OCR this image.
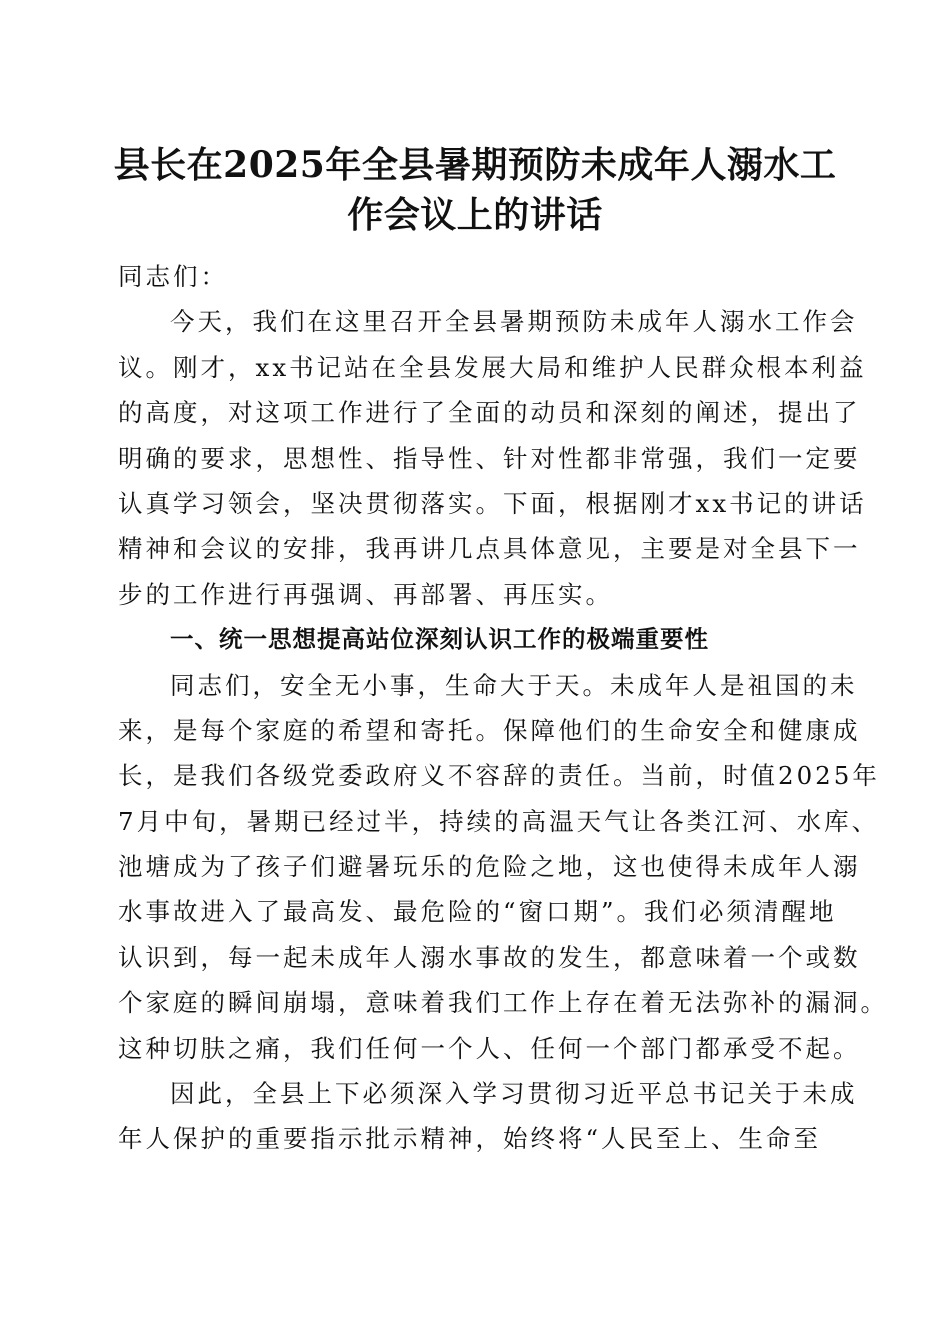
县长在2025年全县暑期预防未成年人溺水工
作会议上的讲话
同志们：
今天，我们在这里召开全县暑期预防未成年人溺水工作会
议。刚才，xx书记站在全县发展大局和维护人民群众根本利益
的高度，对这项工作进行了全面的动员和深刻的阐述，提出了
明确的要求，思想性、指导性、针对性都非常强，我们一定要
认真学习领会，坚决贯彻落实。下面，根据刚才xx书记的讲话
精神和会议的安排，我再讲几点具体意见，主要是对全县下一
步的工作进行再强调、再部署、再压实。
一、统一思想提高站位深刻认识工作的极端重要性
同志们，安全无小事，生命大于天。未成年人是祖国的未
来，是每个家庭的希望和寄托。保障他们的生命安全和健康成
长，是我们各级党委政府义不容辞的责任。当前，时值2025年
7月中旬，暑期已经过半，持续的高温天气让各类江河、水库、
池塘成为了孩子们避暑玩乐的危险之地，这也使得未成年人溺
水事故进入了最高发、最危险的“窗口期”。我们必须清醒地
认识到，每一起未成年人溺水事故的发生，都意味着一个或数
个家庭的瞬间崩塌，意味着我们工作上存在着无法弥补的漏洞。
这种切肤之痛，我们任何一个人、任何一个部门都承受不起。
因此，全县上下必须深入学习贯彻习近平总书记关于未成
年人保护的重要指示批示精神，始终将“人民至上、生命至
